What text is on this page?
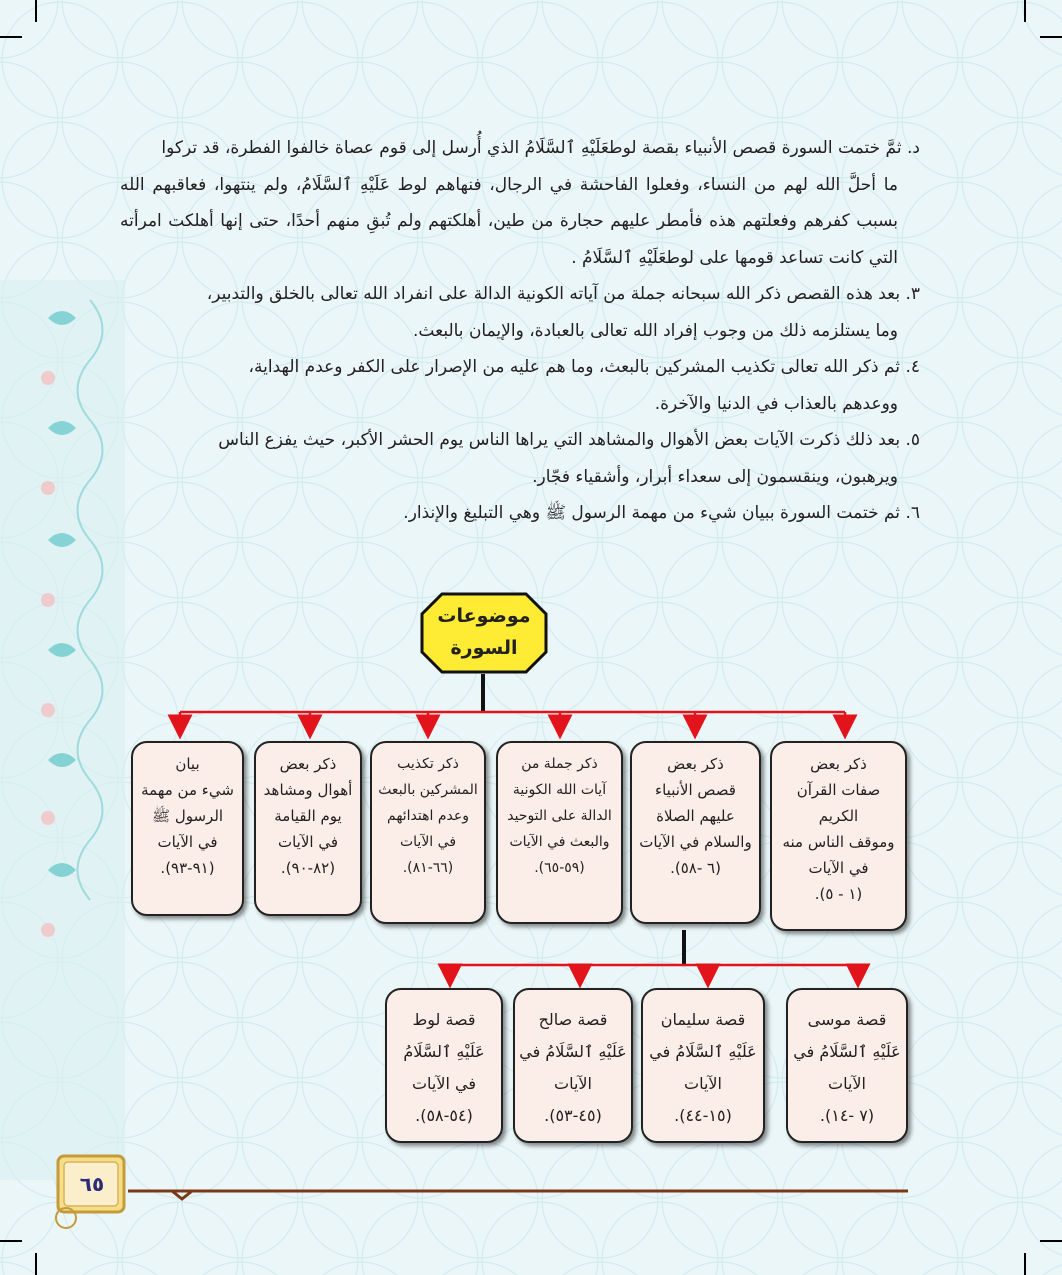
د. ثمَّ ختمت السورة قصص الأنبياء بقصة لوطعَلَيْهِ ٱلسَّلَامُ الذي أُرسل إلى قوم عصاة خالفوا الفطرة، قد تركوا
ما أحلَّ الله لهم من النساء، وفعلوا الفاحشة في الرجال، فنهاهم لوط عَلَيْهِ ٱلسَّلَامُ، ولم ينتهوا، فعاقبهم الله بسبب كفرهم وفعلتهم هذه فأمطر عليهم حجارة من طين، أهلكتهم ولم تُبقِ منهم أحدًا، حتى إنها أهلكت امرأته التي كانت تساعد قومها على لوطعَلَيْهِ ٱلسَّلَامُ .

٣. بعد هذه القصص ذكر الله سبحانه جملة من آياته الكونية الدالة على انفراد الله تعالى بالخلق والتدبير،
وما يستلزمه ذلك من وجوب إفراد الله تعالى بالعبادة، والإيمان بالبعث.

٤. ثم ذكر الله تعالى تكذيب المشركين بالبعث، وما هم عليه من الإصرار على الكفر وعدم الهداية،
ووعدهم بالعذاب في الدنيا والآخرة.

٥. بعد ذلك ذكرت الآيات بعض الأهوال والمشاهد التي يراها الناس يوم الحشر الأكبر، حيث يفزع الناس
ويرهبون، وينقسمون إلى سعداء أبرار، وأشقياء فجّار.

٦. ثم ختمت السورة ببيان شيء من مهمة الرسول ﷺ وهي التبليغ والإنذار.

موضوعات
السورة
ذكر بعض
صفات القرآن الكريم
وموقف الناس منه
في الآيات
(١ - ٥).
ذكر بعض
قصص الأنبياء
عليهم الصلاة
والسلام في الآيات
(٦ -٥٨).
ذكر جملة من
آيات الله الكونية
الدالة على التوحيد
والبعث في الآيات
(٥٩-٦٥).
ذكر تكذيب
المشركين بالبعث
وعدم اهتدائهم
في الآيات
(٦٦-٨١).
ذكر بعض
أهوال ومشاهد
يوم القيامة
في الآيات
(٨٢-٩٠).
بيان
شيء من مهمة
الرسول ﷺ
في الآيات
(٩١-٩٣).
قصة موسى
عَلَيْهِ ٱلسَّلَامُ في الآيات
(٧ -١٤).
قصة سليمان
عَلَيْهِ ٱلسَّلَامُ في الآيات
(١٥-٤٤).
قصة صالح
عَلَيْهِ ٱلسَّلَامُ في الآيات
(٤٥-٥٣).
قصة لوط
عَلَيْهِ ٱلسَّلَامُ في الآيات
(٥٤-٥٨).
٦٥
